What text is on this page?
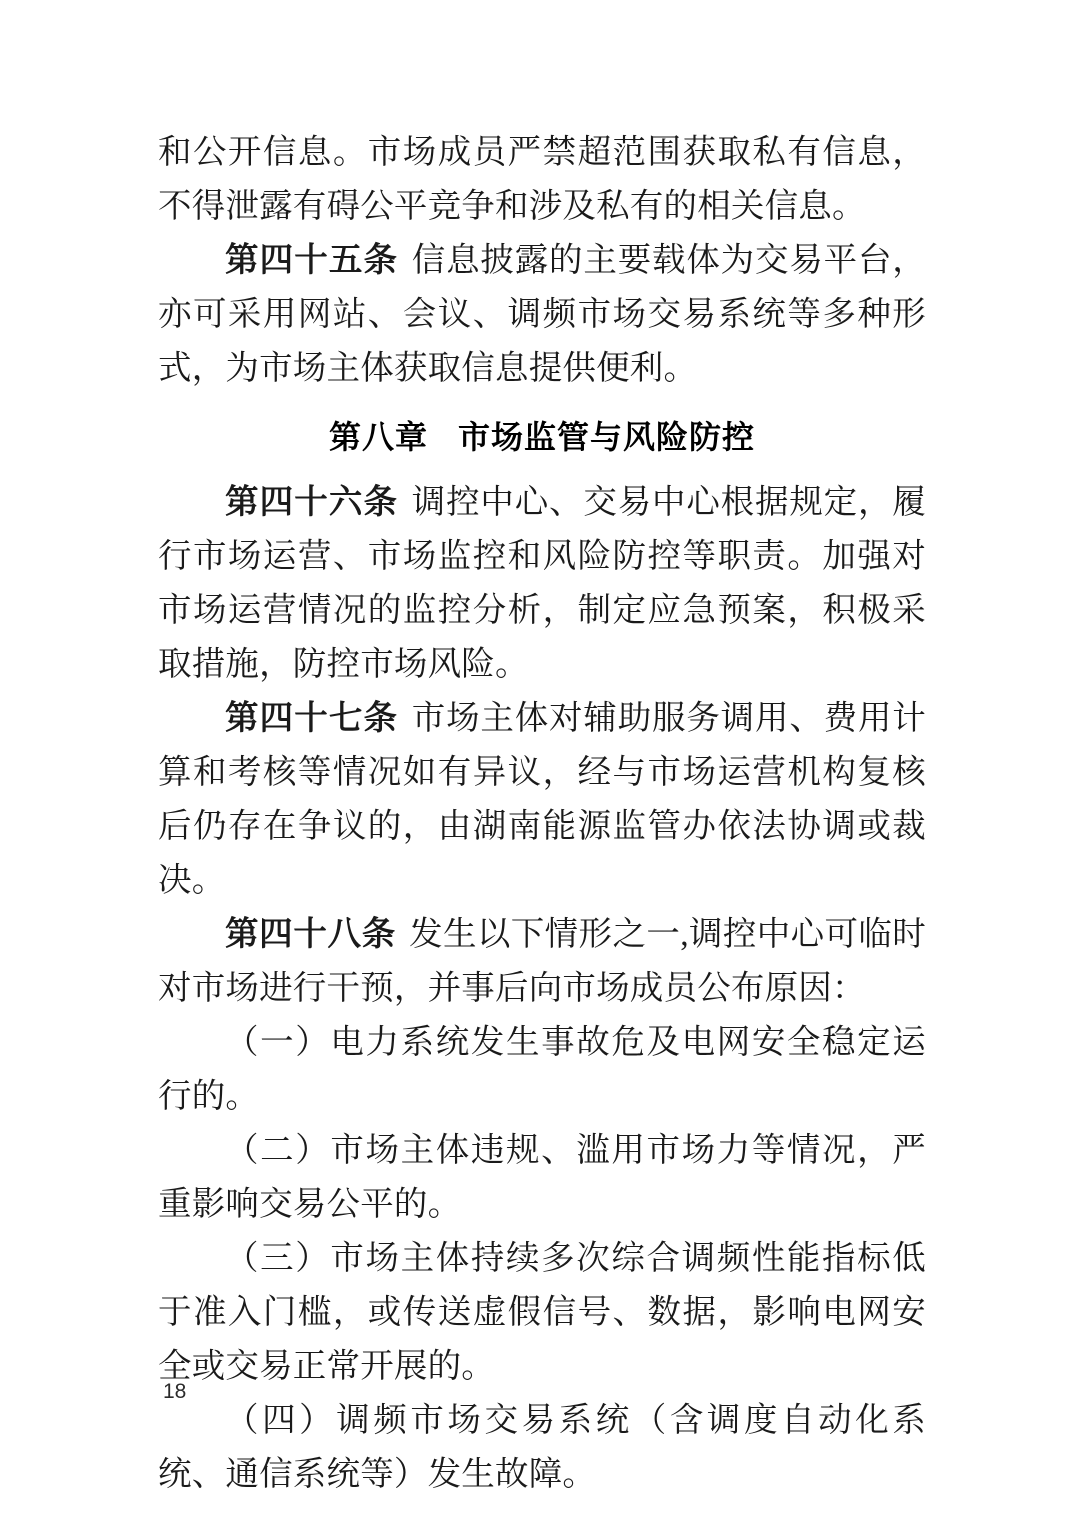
和公开信息。市场成员严禁超范围获取私有信息，不得泄露有碍公平竞争和涉及私有的相关信息。

第四十五条 信息披露的主要载体为交易平台，亦可采用网站、会议、调频市场交易系统等多种形式，为市场主体获取信息提供便利。

第八章 市场监管与风险防控

第四十六条 调控中心、交易中心根据规定，履行市场运营、市场监控和风险防控等职责。加强对市场运营情况的监控分析，制定应急预案，积极采取措施，防控市场风险。

第四十七条 市场主体对辅助服务调用、费用计算和考核等情况如有异议，经与市场运营机构复核后仍存在争议的，由湖南能源监管办依法协调或裁决。

第四十八条 发生以下情形之一,调控中心可临时对市场进行干预，并事后向市场成员公布原因：

（一）电力系统发生事故危及电网安全稳定运行的。

（二）市场主体违规、滥用市场力等情况，严重影响交易公平的。

（三）市场主体持续多次综合调频性能指标低于准入门槛，或传送虚假信号、数据，影响电网安全或交易正常开展的。

（四）调频市场交易系统（含调度自动化系统、通信系统等）发生故障。

18
